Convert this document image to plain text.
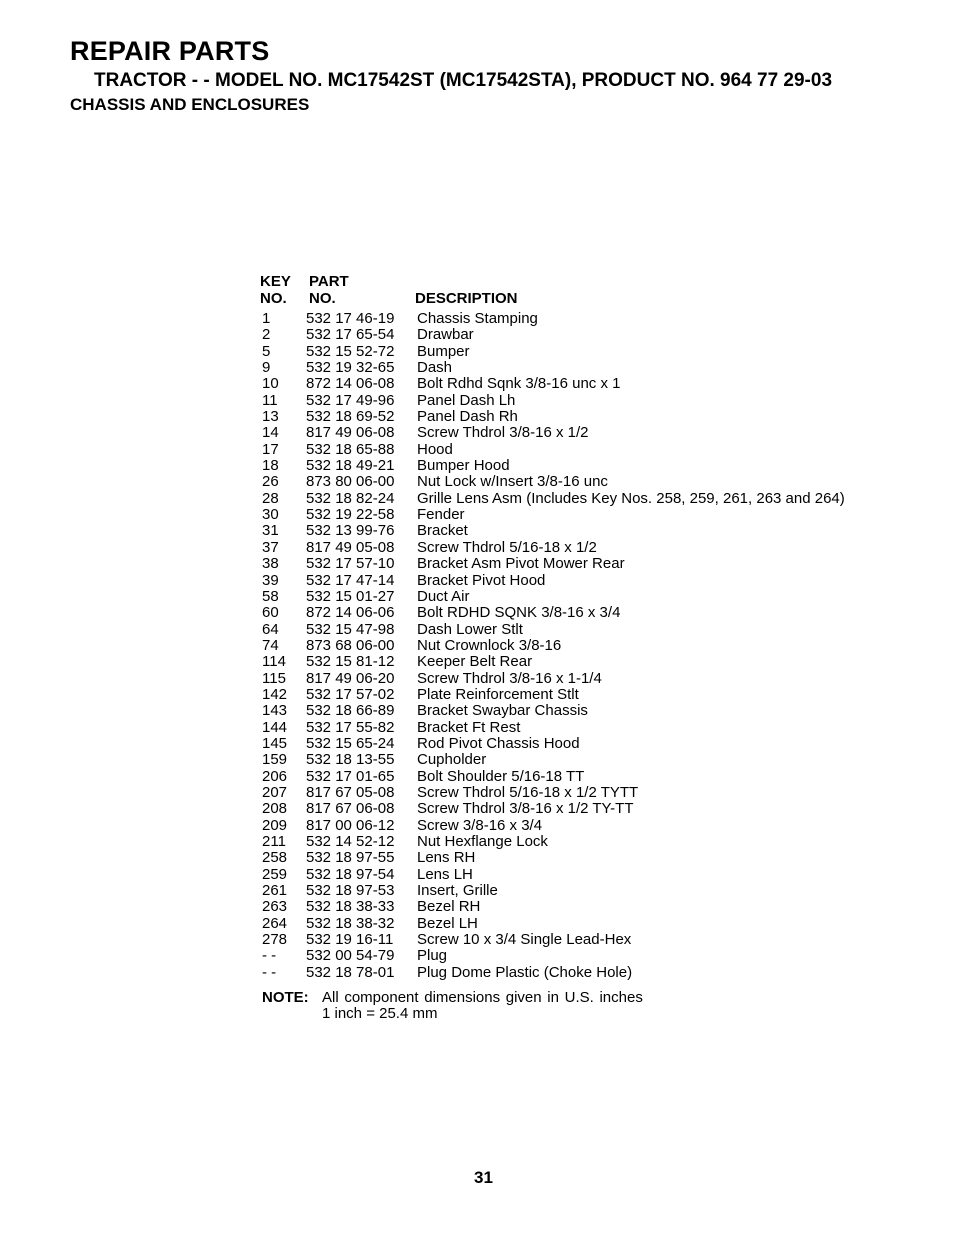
REPAIR PARTS
TRACTOR - - MODEL NO. MC17542ST (MC17542STA), PRODUCT NO. 964 77 29-03
CHASSIS AND ENCLOSURES
KEY PART
NO. NO.	DESCRIPTION
1 532 17 46-19 Chassis Stamping
2 532 17 65-54 Drawbar
5 532 15 52-72 Bumper
9 532 19 32-65 Dash
10 872 14 06-08 Bolt Rdhd Sqnk 3/8-16 unc x 1
11 532 17 49-96 Panel Dash Lh
13 532 18 69-52 Panel Dash Rh
14 817 49 06-08 Screw Thdrol 3/8-16 x 1/2
17 532 18 65-88 Hood
18 532 18 49-21 Bumper Hood
26 873 80 06-00 Nut Lock w/Insert 3/8-16 unc
28 532 18 82-24 Grille Lens Asm (Includes Key Nos. 258, 259, 261, 263 and 264)
30 532 19 22-58 Fender
31 532 13 99-76 Bracket
37 817 49 05-08 Screw Thdrol 5/16-18 x 1/2
38 532 17 57-10 Bracket Asm Pivot Mower Rear
39 532 17 47-14 Bracket Pivot Hood
58 532 15 01-27 Duct Air
60 872 14 06-06 Bolt RDHD SQNK 3/8-16 x 3/4
64 532 15 47-98 Dash Lower Stlt
74 873 68 06-00 Nut Crownlock 3/8-16
114 532 15 81-12 Keeper Belt Rear
115 817 49 06-20 Screw Thdrol 3/8-16 x 1-1/4
142 532 17 57-02 Plate Reinforcement Stlt
143 532 18 66-89 Bracket Swaybar Chassis
144 532 17 55-82 Bracket Ft Rest
145 532 15 65-24 Rod Pivot Chassis Hood
159 532 18 13-55 Cupholder
206 532 17 01-65 Bolt Shoulder 5/16-18 TT
207 817 67 05-08 Screw Thdrol 5/16-18 x 1/2 TYTT
208 817 67 06-08 Screw Thdrol 3/8-16 x 1/2 TY-TT
209 817 00 06-12 Screw 3/8-16 x 3/4
211 532 14 52-12 Nut Hexflange Lock
258 532 18 97-55 Lens RH
259 532 18 97-54 Lens LH
261 532 18 97-53 Insert, Grille
263 532 18 38-33 Bezel RH
264 532 18 38-32 Bezel LH
278 532 19 16-11 Screw 10 x 3/4 Single Lead-Hex
- - 532 00 54-79 Plug
- - 532 18 78-01 Plug Dome Plastic (Choke Hole)
NOTE: All component dimensions given in U.S. inches
1 inch = 25.4 mm
31
